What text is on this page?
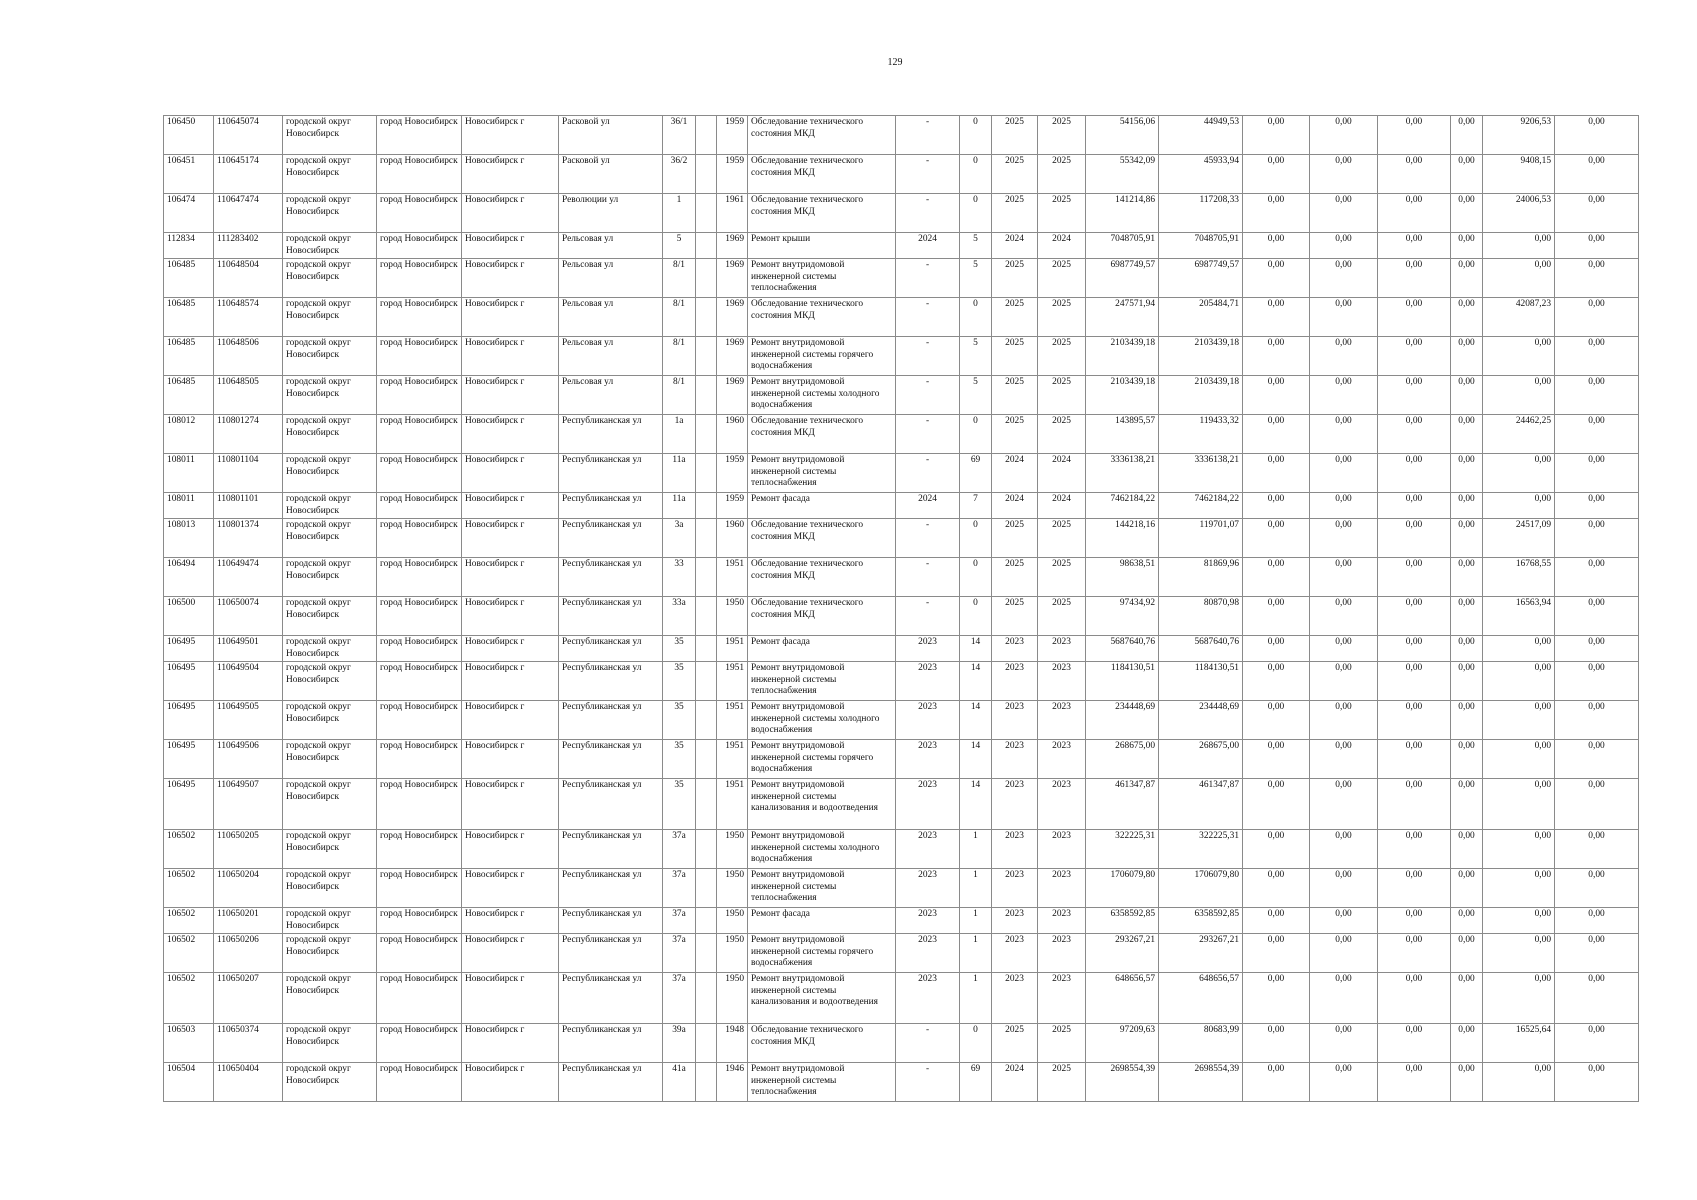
129
106450	110645074	городской округ Новосибирск	город Новосибирск	Новосибирск г	Расковой ул	36/1		1959	Обследование технического состояния МКД	-	0	2025	2025	54156,06	44949,53	0,00	0,00	0,00	0,00	9206,53	0,00
106451	110645174	городской округ Новосибирск	город Новосибирск	Новосибирск г	Расковой ул	36/2		1959	Обследование технического состояния МКД	-	0	2025	2025	55342,09	45933,94	0,00	0,00	0,00	0,00	9408,15	0,00
106474	110647474	городской округ Новосибирск	город Новосибирск	Новосибирск г	Революции ул	1		1961	Обследование технического состояния МКД	-	0	2025	2025	141214,86	117208,33	0,00	0,00	0,00	0,00	24006,53	0,00
112834	111283402	городской округ Новосибирск	город Новосибирск	Новосибирск г	Рельсовая ул	5		1969	Ремонт крыши	2024	5	2024	2024	7048705,91	7048705,91	0,00	0,00	0,00	0,00	0,00	0,00
106485	110648504	городской округ Новосибирск	город Новосибирск	Новосибирск г	Рельсовая ул	8/1		1969	Ремонт внутридомовой инженерной системы теплоснабжения	-	5	2025	2025	6987749,57	6987749,57	0,00	0,00	0,00	0,00	0,00	0,00
106485	110648574	городской округ Новосибирск	город Новосибирск	Новосибирск г	Рельсовая ул	8/1		1969	Обследование технического состояния МКД	-	0	2025	2025	247571,94	205484,71	0,00	0,00	0,00	0,00	42087,23	0,00
106485	110648506	городской округ Новосибирск	город Новосибирск	Новосибирск г	Рельсовая ул	8/1		1969	Ремонт внутридомовой инженерной системы горячего водоснабжения	-	5	2025	2025	2103439,18	2103439,18	0,00	0,00	0,00	0,00	0,00	0,00
106485	110648505	городской округ Новосибирск	город Новосибирск	Новосибирск г	Рельсовая ул	8/1		1969	Ремонт внутридомовой инженерной системы холодного водоснабжения	-	5	2025	2025	2103439,18	2103439,18	0,00	0,00	0,00	0,00	0,00	0,00
108012	110801274	городской округ Новосибирск	город Новосибирск	Новосибирск г	Республиканская ул	1а		1960	Обследование технического состояния МКД	-	0	2025	2025	143895,57	119433,32	0,00	0,00	0,00	0,00	24462,25	0,00
108011	110801104	городской округ Новосибирск	город Новосибирск	Новосибирск г	Республиканская ул	11а		1959	Ремонт внутридомовой инженерной системы теплоснабжения	-	69	2024	2024	3336138,21	3336138,21	0,00	0,00	0,00	0,00	0,00	0,00
108011	110801101	городской округ Новосибирск	город Новосибирск	Новосибирск г	Республиканская ул	11а		1959	Ремонт фасада	2024	7	2024	2024	7462184,22	7462184,22	0,00	0,00	0,00	0,00	0,00	0,00
108013	110801374	городской округ Новосибирск	город Новосибирск	Новосибирск г	Республиканская ул	3а		1960	Обследование технического состояния МКД	-	0	2025	2025	144218,16	119701,07	0,00	0,00	0,00	0,00	24517,09	0,00
106494	110649474	городской округ Новосибирск	город Новосибирск	Новосибирск г	Республиканская ул	33		1951	Обследование технического состояния МКД	-	0	2025	2025	98638,51	81869,96	0,00	0,00	0,00	0,00	16768,55	0,00
106500	110650074	городской округ Новосибирск	город Новосибирск	Новосибирск г	Республиканская ул	33а		1950	Обследование технического состояния МКД	-	0	2025	2025	97434,92	80870,98	0,00	0,00	0,00	0,00	16563,94	0,00
106495	110649501	городской округ Новосибирск	город Новосибирск	Новосибирск г	Республиканская ул	35		1951	Ремонт фасада	2023	14	2023	2023	5687640,76	5687640,76	0,00	0,00	0,00	0,00	0,00	0,00
106495	110649504	городской округ Новосибирск	город Новосибирск	Новосибирск г	Республиканская ул	35		1951	Ремонт внутридомовой инженерной системы теплоснабжения	2023	14	2023	2023	1184130,51	1184130,51	0,00	0,00	0,00	0,00	0,00	0,00
106495	110649505	городской округ Новосибирск	город Новосибирск	Новосибирск г	Республиканская ул	35		1951	Ремонт внутридомовой инженерной системы холодного водоснабжения	2023	14	2023	2023	234448,69	234448,69	0,00	0,00	0,00	0,00	0,00	0,00
106495	110649506	городской округ Новосибирск	город Новосибирск	Новосибирск г	Республиканская ул	35		1951	Ремонт внутридомовой инженерной системы горячего водоснабжения	2023	14	2023	2023	268675,00	268675,00	0,00	0,00	0,00	0,00	0,00	0,00
106495	110649507	городской округ Новосибирск	город Новосибирск	Новосибирск г	Республиканская ул	35		1951	Ремонт внутридомовой инженерной системы канализования и водоотведения	2023	14	2023	2023	461347,87	461347,87	0,00	0,00	0,00	0,00	0,00	0,00
106502	110650205	городской округ Новосибирск	город Новосибирск	Новосибирск г	Республиканская ул	37а		1950	Ремонт внутридомовой инженерной системы холодного водоснабжения	2023	1	2023	2023	322225,31	322225,31	0,00	0,00	0,00	0,00	0,00	0,00
106502	110650204	городской округ Новосибирск	город Новосибирск	Новосибирск г	Республиканская ул	37а		1950	Ремонт внутридомовой инженерной системы теплоснабжения	2023	1	2023	2023	1706079,80	1706079,80	0,00	0,00	0,00	0,00	0,00	0,00
106502	110650201	городской округ Новосибирск	город Новосибирск	Новосибирск г	Республиканская ул	37а		1950	Ремонт фасада	2023	1	2023	2023	6358592,85	6358592,85	0,00	0,00	0,00	0,00	0,00	0,00
106502	110650206	городской округ Новосибирск	город Новосибирск	Новосибирск г	Республиканская ул	37а		1950	Ремонт внутридомовой инженерной системы горячего водоснабжения	2023	1	2023	2023	293267,21	293267,21	0,00	0,00	0,00	0,00	0,00	0,00
106502	110650207	городской округ Новосибирск	город Новосибирск	Новосибирск г	Республиканская ул	37а		1950	Ремонт внутридомовой инженерной системы канализования и водоотведения	2023	1	2023	2023	648656,57	648656,57	0,00	0,00	0,00	0,00	0,00	0,00
106503	110650374	городской округ Новосибирск	город Новосибирск	Новосибирск г	Республиканская ул	39а		1948	Обследование технического состояния МКД	-	0	2025	2025	97209,63	80683,99	0,00	0,00	0,00	0,00	16525,64	0,00
106504	110650404	городской округ Новосибирск	город Новосибирск	Новосибирск г	Республиканская ул	41а		1946	Ремонт внутридомовой инженерной системы теплоснабжения	-	69	2024	2025	2698554,39	2698554,39	0,00	0,00	0,00	0,00	0,00	0,00
